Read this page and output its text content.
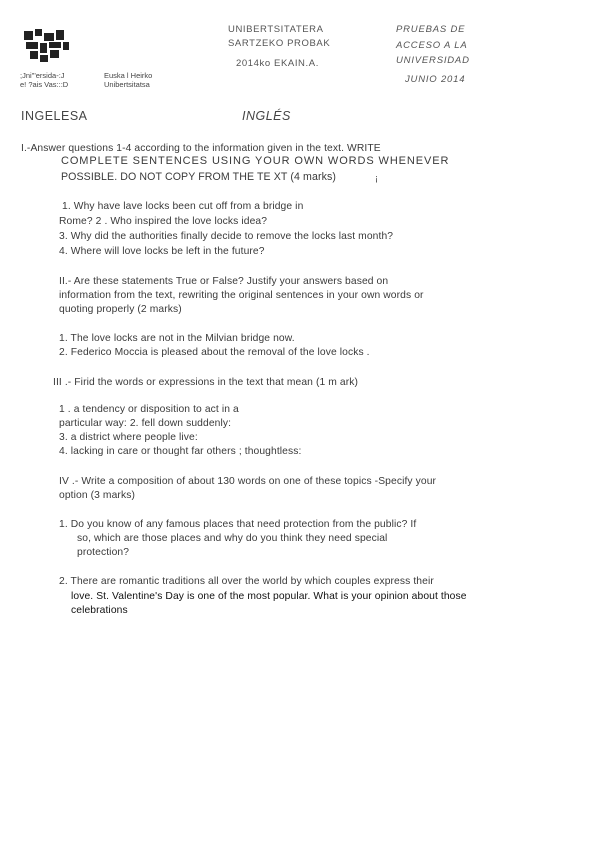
;Jni"'ersida-:J
e! ?ais Vas:::D
Euska l Heirko
Unibertsitatsa
UNIBERTSITATERA
SARTZEKO PROBAK
2014ko EKAIN.A.
PRUEBAS DE
ACCESO A LA
UNIVERSIDAD
JUNIO 2014
INGELESA	INGLÉS
I.-Answer questions 1-4 according to the information given in the text. WRITE
COMPLETE SENTENCES USING YOUR OWN WORDS WHENEVER
POSSIBLE. DO NOT COPY FROM THE TE XT (4 marks)	¡
1. Why have lave locks been cut off from a bridge in
Rome? 2 . Who inspired the love locks idea?
3. Why did the authorities finally decide to remove the locks last month?
4. Where will love locks be left in the future?
II.- Are these statements True or False? Justify your answers based on
information from the text, rewriting the original sentences in your own words or
quoting properly (2 marks)
1. The love locks are not in the Milvian bridge now.
2. Federico Moccia is pleased about the removal of the love locks .
III .- Firid the words or expressions in the text that mean (1 m ark)
1 . a tendency or disposition to act in a
particular way: 2. fell down suddenly:
3. a district where people live:
4. lacking in care or thought far others ; thoughtless:
IV .- Write a composition of about 130 words on one of these topics -Specify your
option (3 marks)
1. Do you know of any famous places that need protection from the public? If
so, which are those places and why do you think they need special
protection?
2. There are romantic traditions all over the world by which couples express their
love. St. Valentine's Day is one of the most popular. What is your opinion about those
celebrations
